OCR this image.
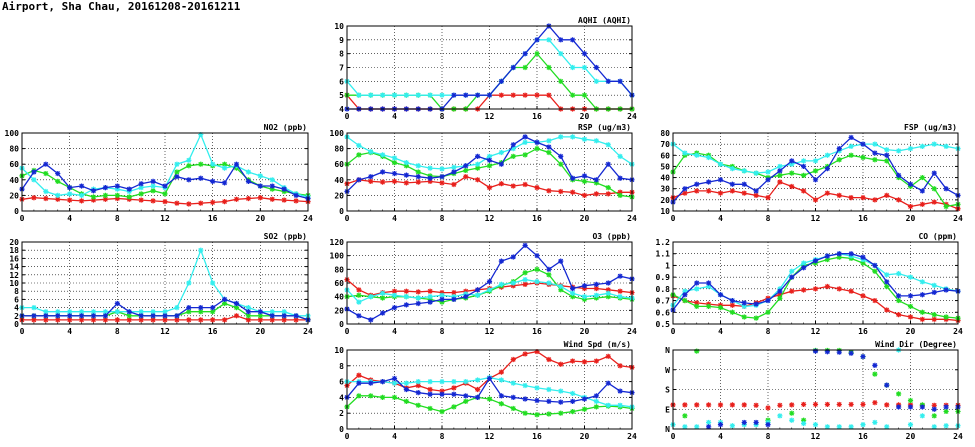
Airport, Sha Chau, 20161208-20161211
AQHI (AQHI)
4
5
6
7
8
9
10
0	4	8	12	16	20	24
NO2 (ppb)
0
20
40
60
80
100
0	4	8	12	16	20	24
RSP (ug/m3)
0
20
40
60
80
100
0	4	8	12	16	20	24
FSP (ug/m3)
10
20
30
40
50
60
70
80
0	4	8	12	16	20	24
SO2 (ppb)
0
2
4
6
8
10
12
14
16
18
20
0	4	8	12	16	20	24
O3 (ppb)
0
20
40
60
80
100
120
0	4	8	12	16	20	24
CO (ppm)
0.5
0.6
0.7
0.8
0.9
1
1.1
1.2
0	4	8	12	16	20	24
Wind Spd (m/s)
0
2
4
6
8
10
0	4	8	12	16	20	24
Wind Dir (Degree)
N
E
S
W
N
0	4	8	12	16	20	24
